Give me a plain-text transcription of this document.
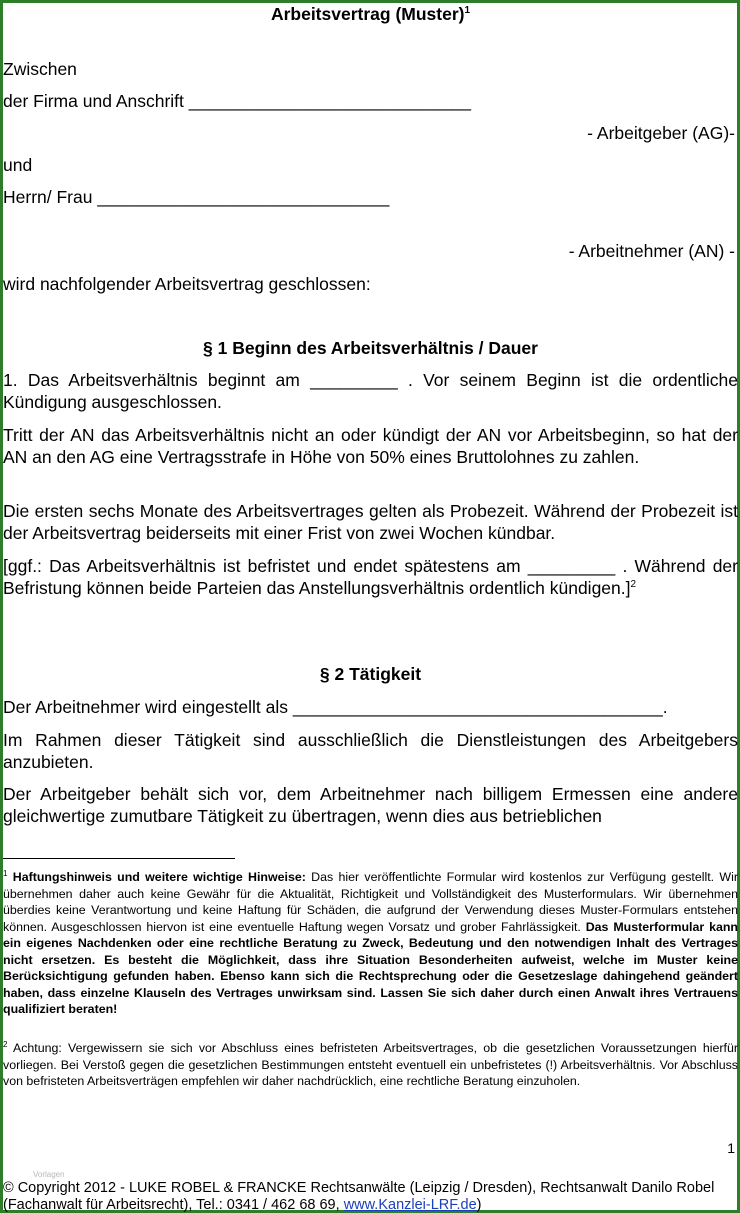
Arbeitsvertrag (Muster)$^1$
Zwischen
der Firma und Anschrift _____________________________
- Arbeitgeber (AG)-
und
Herrn/ Frau ______________________________
- Arbeitnehmer (AN) -
wird nachfolgender Arbeitsvertrag geschlossen:
§ 1 Beginn des Arbeitsverhältnis / Dauer
1. Das Arbeitsverhältnis beginnt am _________ . Vor seinem Beginn ist die ordentliche Kündigung ausgeschlossen.
Tritt der AN das Arbeitsverhältnis nicht an oder kündigt der AN vor Arbeitsbeginn, so hat der AN an den AG eine Vertragsstrafe in Höhe von 50% eines Bruttolohnes zu zahlen.
Die ersten sechs Monate des Arbeitsvertrages gelten als Probezeit. Während der Probezeit ist der Arbeitsvertrag beiderseits mit einer Frist von zwei Wochen kündbar.
[ggf.: Das Arbeitsverhältnis ist befristet und endet spätestens am _________ . Während der Befristung können beide Parteien das Anstellungsverhältnis ordentlich kündigen.]$^2$
§ 2 Tätigkeit
Der Arbeitnehmer wird eingestellt als ______________________________________.
Im Rahmen dieser Tätigkeit sind ausschließlich die Dienstleistungen des Arbeitgebers anzubieten.
Der Arbeitgeber behält sich vor, dem Arbeitnehmer nach billigem Ermessen eine andere gleichwertige zumutbare Tätigkeit zu übertragen, wenn dies aus betrieblichen
$^1$ Haftungshinweis und weitere wichtige Hinweise: Das hier veröffentlichte Formular wird kostenlos zur Verfügung gestellt. Wir übernehmen daher auch keine Gewähr für die Aktualität, Richtigkeit und Vollständigkeit des Musterformulars. Wir übernehmen überdies keine Verantwortung und keine Haftung für Schäden, die aufgrund der Verwendung dieses Muster-Formulars entstehen können. Ausgeschlossen hiervon ist eine eventuelle Haftung wegen Vorsatz und grober Fahrlässigkeit. Das Musterformular kann ein eigenes Nachdenken oder eine rechtliche Beratung zu Zweck, Bedeutung und den notwendigen Inhalt des Vertrages nicht ersetzen. Es besteht die Möglichkeit, dass ihre Situation Besonderheiten aufweist, welche im Muster keine Berücksichtigung gefunden haben. Ebenso kann sich die Rechtsprechung oder die Gesetzeslage dahingehend geändert haben, dass einzelne Klauseln des Vertrages unwirksam sind. Lassen Sie sich daher durch einen Anwalt ihres Vertrauens qualifiziert beraten!
$^2$ Achtung: Vergewissern sie sich vor Abschluss eines befristeten Arbeitsvertrages, ob die gesetzlichen Voraussetzungen hierfür vorliegen. Bei Verstoß gegen die gesetzlichen Bestimmungen entsteht eventuell ein unbefristetes (!) Arbeitsverhältnis. Vor Abschluss von befristeten Arbeitsverträgen empfehlen wir daher nachdrücklich, eine rechtliche Beratung einzuholen.
1
Vorlagen
© Copyright 2012 - LUKE ROBEL & FRANCKE Rechtsanwälte (Leipzig / Dresden), Rechtsanwalt Danilo Robel
(Fachanwalt für Arbeitsrecht), Tel.: 0341 / 462 68 69, www.Kanzlei-LRF.de)
